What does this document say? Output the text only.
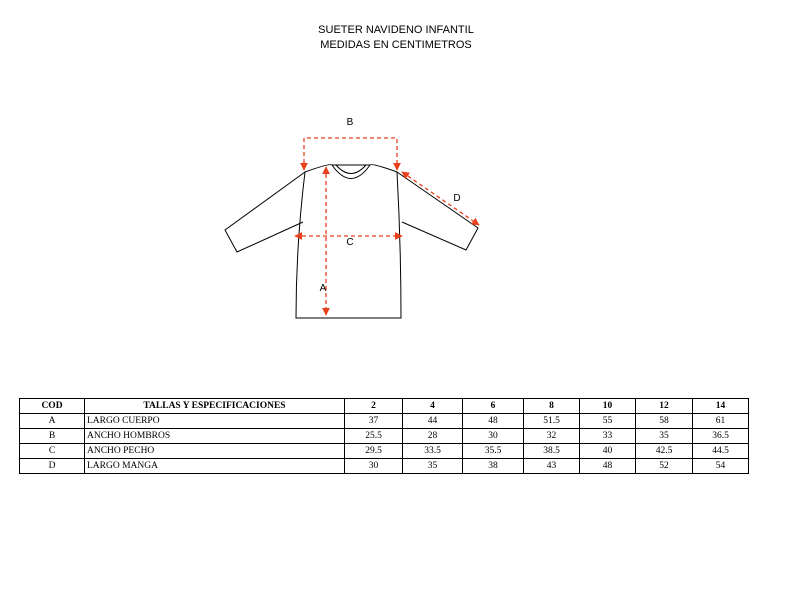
SUETER NAVIDENO INFANTIL
MEDIDAS EN CENTIMETROS
B
D
C
A
COD	TALLAS Y ESPECIFICACIONES	2	4	6	8	10	12	14
A	LARGO CUERPO	37	44	48	51.5	55	58	61
B	ANCHO HOMBROS	25.5	28	30	32	33	35	36.5
C	ANCHO PECHO	29.5	33.5	35.5	38.5	40	42.5	44.5
D	LARGO MANGA	30	35	38	43	48	52	54
